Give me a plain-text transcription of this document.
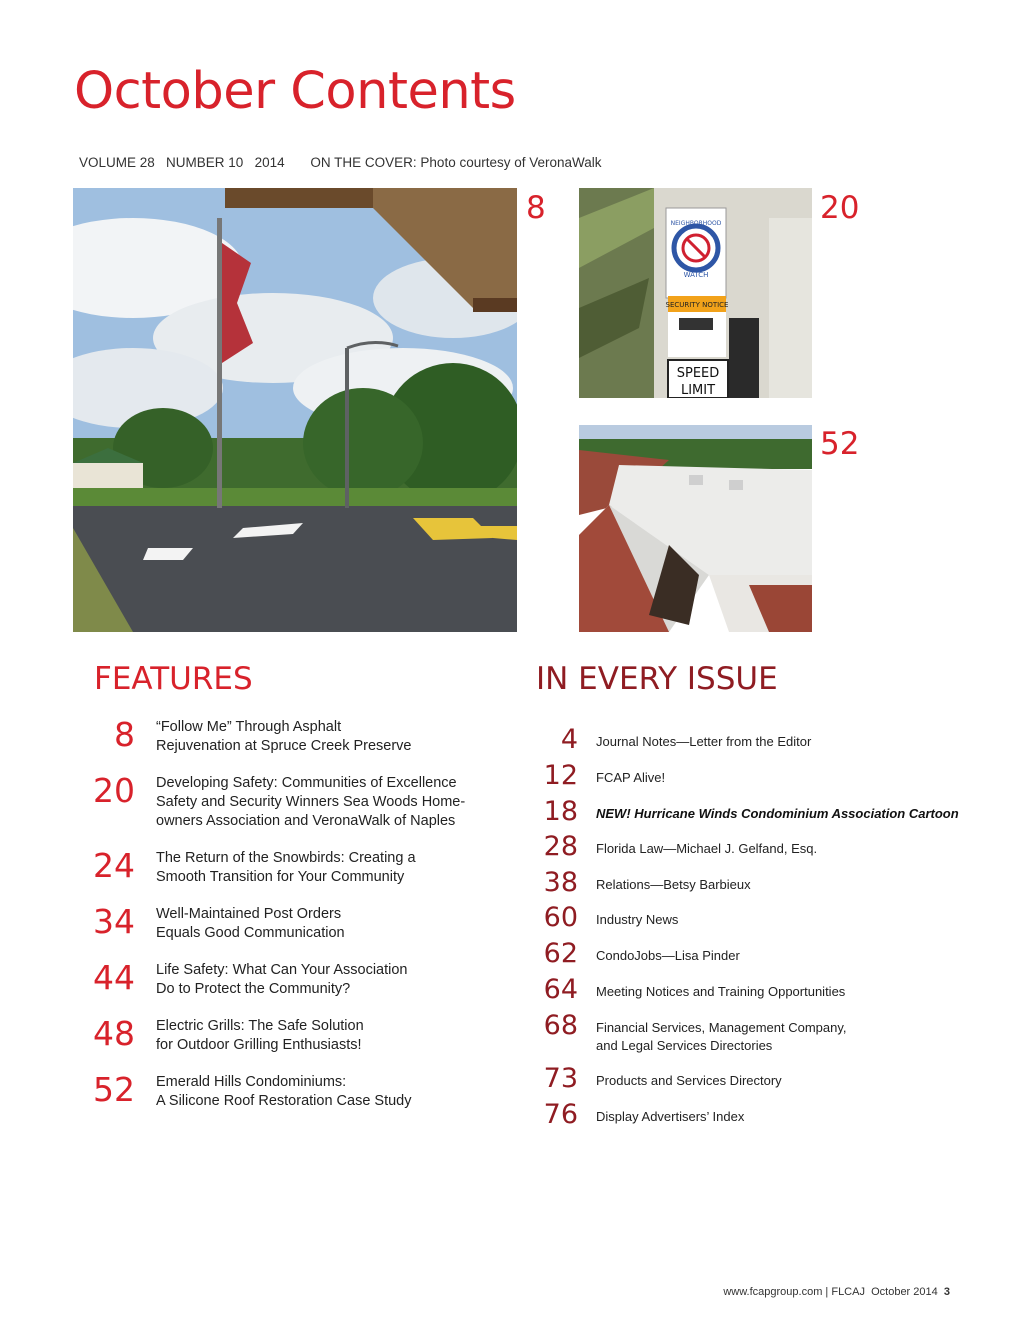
October Contents
VOLUME 28 NUMBER 10 2014 ON THE COVER: Photo courtesy of VeronaWalk
8	NEIGHBORHOOD
WATCH
SECURITY NOTICE
SPEED
LIMIT
20
52
FEATURES
8 “Follow Me” Through Asphalt
Rejuvenation at Spruce Creek Preserve
20 Developing Safety: Communities of Excellence
Safety and Security Winners Sea Woods Home-
owners Association and VeronaWalk of Naples
24 The Return of the Snowbirds: Creating a
Smooth Transition for Your Community
34 Well-Maintained Post Orders
Equals Good Communication
44 Life Safety: What Can Your Association
Do to Protect the Community?
48 Electric Grills: The Safe Solution
for Outdoor Grilling Enthusiasts!
52 Emerald Hills Condominiums:
A Silicone Roof Restoration Case Study
IN EVERY ISSUE
4 Journal Notes—Letter from the Editor
12 FCAP Alive!
18 NEW! Hurricane Winds Condominium Association Cartoon
28 Florida Law—Michael J. Gelfand, Esq.
38 Relations—Betsy Barbieux
60 Industry News
62 CondoJobs—Lisa Pinder
64 Meeting Notices and Training Opportunities
68 Financial Services, Management Company,
and Legal Services Directories
73 Products and Services Directory
76 Display Advertisers’ Index
www.fcapgroup.com | FLCAJ October 2014 3
